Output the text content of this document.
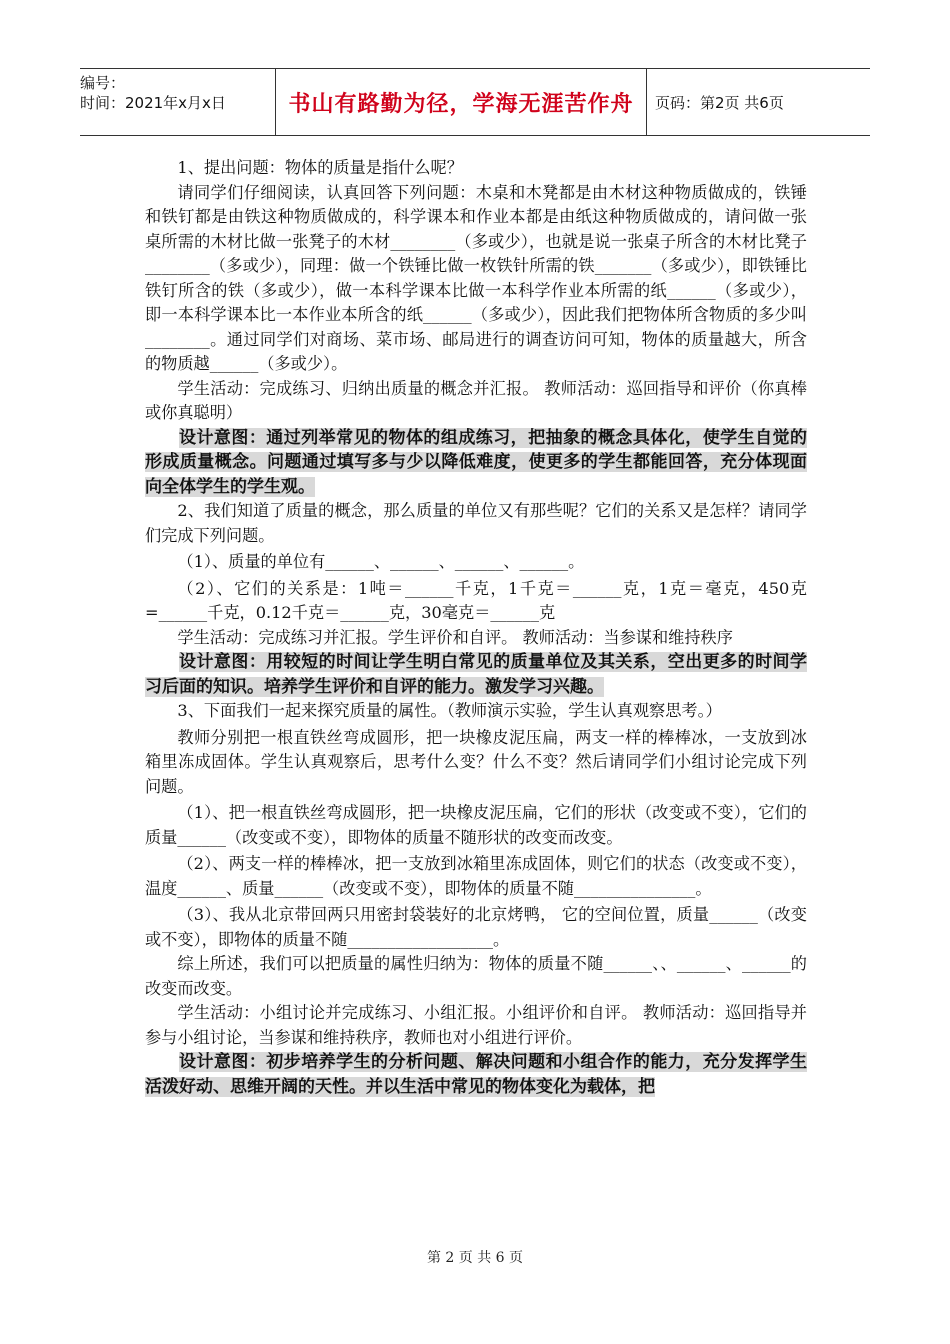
编号：
时间：2021年x月x日	书山有路勤为径，学海无涯苦作舟	页码：第2页 共6页

1、提出问题：物体的质量是指什么呢？

请同学们仔细阅读，认真回答下列问题：木桌和木凳都是由木材这种物质做成的，铁锤和铁钉都是由铁这种物质做成的，科学课本和作业本都是由纸这种物质做成的，请问做一张桌所需的木材比做一张凳子的木材________（多或少），也就是说一张桌子所含的木材比凳子________（多或少），同理：做一个铁锤比做一枚铁针所需的铁_______（多或少），即铁锤比铁钉所含的铁（多或少），做一本科学课本比做一本科学作业本所需的纸______（多或少），即一本科学课本比一本作业本所含的纸______（多或少），因此我们把物体所含物质的多少叫________。通过同学们对商场、菜市场、邮局进行的调查访问可知，物体的质量越大，所含的物质越______（多或少）。

学生活动：完成练习、归纳出质量的概念并汇报。 教师活动：巡回指导和评价（你真棒或你真聪明）

设计意图：通过列举常见的物体的组成练习，把抽象的概念具体化，使学生自觉的形成质量概念。问题通过填写多与少以降低难度，使更多的学生都能回答，充分体现面向全体学生的学生观。

2、我们知道了质量的概念，那么质量的单位又有那些呢？它们的关系又是怎样？请同学们完成下列问题。

（1）、质量的单位有______、______、______、______。

（2）、它们的关系是：1吨＝______千克，1千克＝______克，1克＝毫克，450克=______千克，0.12千克＝______克，30毫克＝______克

学生活动：完成练习并汇报。学生评价和自评。 教师活动：当参谋和维持秩序

设计意图：用较短的时间让学生明白常见的质量单位及其关系，空出更多的时间学习后面的知识。培养学生评价和自评的能力。激发学习兴趣。

3、下面我们一起来探究质量的属性。（教师演示实验，学生认真观察思考。）

教师分别把一根直铁丝弯成圆形，把一块橡皮泥压扁，两支一样的棒棒冰，一支放到冰箱里冻成固体。学生认真观察后，思考什么变？什么不变？然后请同学们小组讨论完成下列问题。

（1）、把一根直铁丝弯成圆形，把一块橡皮泥压扁，它们的形状（改变或不变），它们的质量______（改变或不变），即物体的质量不随形状的改变而改变。

（2）、两支一样的棒棒冰，把一支放到冰箱里冻成固体，则它们的状态（改变或不变），温度______、质量______（改变或不变），即物体的质量不随_______________。

（3）、我从北京带回两只用密封袋装好的北京烤鸭， 它的空间位置，质量______（改变或不变），即物体的质量不随__________________。

综上所述，我们可以把质量的属性归纳为：物体的质量不随______、、______、______的改变而改变。

学生活动：小组讨论并完成练习、小组汇报。小组评价和自评。 教师活动：巡回指导并参与小组讨论，当参谋和维持秩序，教师也对小组进行评价。

设计意图：初步培养学生的分析问题、解决问题和小组合作的能力，充分发挥学生活泼好动、思维开阔的天性。并以生活中常见的物体变化为载体，把

第 2 页 共 6 页
